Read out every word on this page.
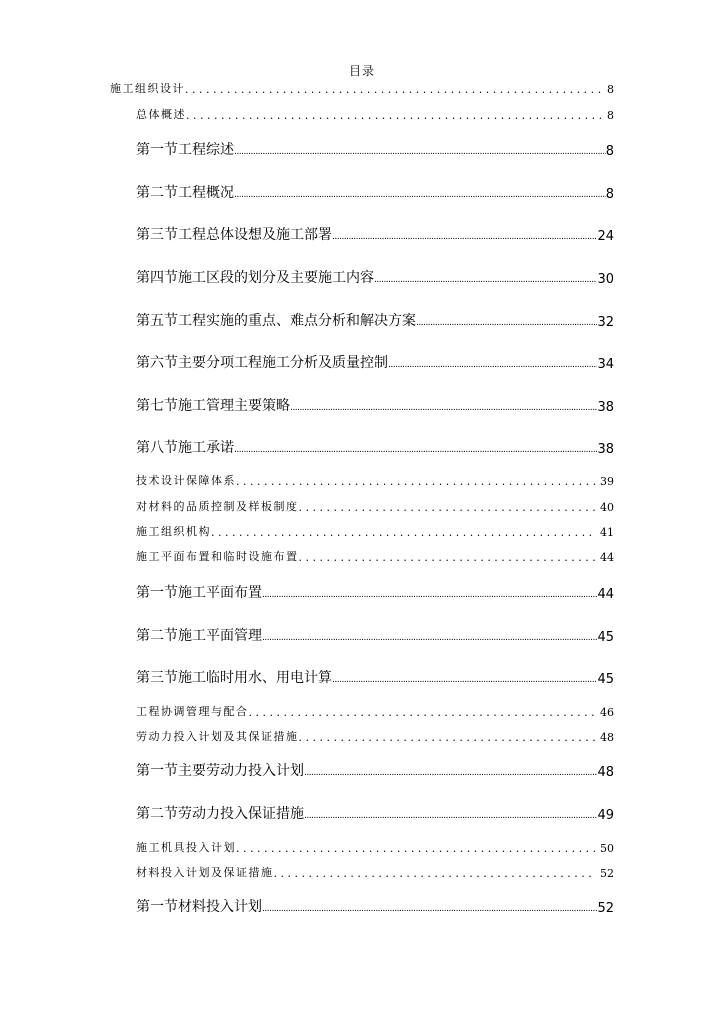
目录
施工组织设计 . . .	8
总体概述 . . .	8
第一节工程综述 .....	8
第二节工程概况 .....	8
第三节工程总体设想及施工部署 .....	24
第四节施工区段的划分及主要施工内容 .....	30
第五节工程实施的重点、难点分析和解决方案 .....	32
第六节主要分项工程施工分析及质量控制 .....	34
第七节施工管理主要策略 .....	38
第八节施工承诺 .....	38
技术设计保障体系 . . .	39
对材料的品质控制及样板制度 . . .	40
施工组织机构 . . .	41
施工平面布置和临时设施布置 . . .	44
第一节施工平面布置 .....	44
第二节施工平面管理 .....	45
第三节施工临时用水、用电计算 .....	45
工程协调管理与配合 . . .	46
劳动力投入计划及其保证措施 . . .	48
第一节主要劳动力投入计划 .....	48
第二节劳动力投入保证措施 .....	49
施工机具投入计划 . . .	50
材料投入计划及保证措施 . . .	52
第一节材料投入计划 .....	52
